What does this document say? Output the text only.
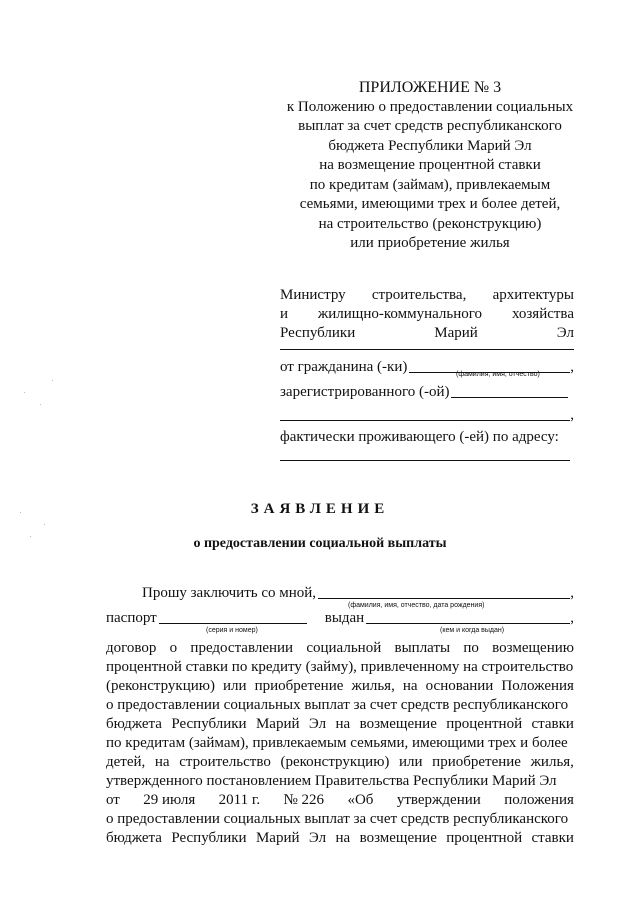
ПРИЛОЖЕНИЕ № 3
к Положению о предоставлении социальных
выплат за счет средств республиканского
бюджета Республики Марий Эл
на возмещение процентной ставки
по кредитам (займам), привлекаемым
семьями, имеющими трех и более детей,
на строительство (реконструкцию)
или приобретение жилья
Министру строительства, архитектуры
и жилищно-коммунального хозяйства
Республики	Марий	Эл
от гражданина (-ки)	,
(фамилия, имя, отчество)
зарегистрированного (-ой)
,
фактически проживающего (-ей) по адресу:
ЗАЯВЛЕНИЕ
о предоставлении социальной выплаты
Прошу заключить со мной,	,
(фамилия, имя, отчество, дата рождения)
паспорт	выдан	,
(серия и номер)	(кем и когда выдан)
договор о предоставлении социальной выплаты по возмещению
процентной ставки по кредиту (займу), привлеченному на строительство
(реконструкцию) или приобретение жилья, на основании Положения
о предоставлении социальных выплат за счет средств республиканского
бюджета Республики Марий Эл на возмещение процентной ставки
по кредитам (займам), привлекаемым семьями, имеющими трех и более
детей, на строительство (реконструкцию) или приобретение жилья,
утвержденного постановлением Правительства Республики Марий Эл
от 29 июля 2011 г. № 226 «Об утверждении положения
о предоставлении социальных выплат за счет средств республиканского
бюджета Республики Марий Эл на возмещение процентной ставки
